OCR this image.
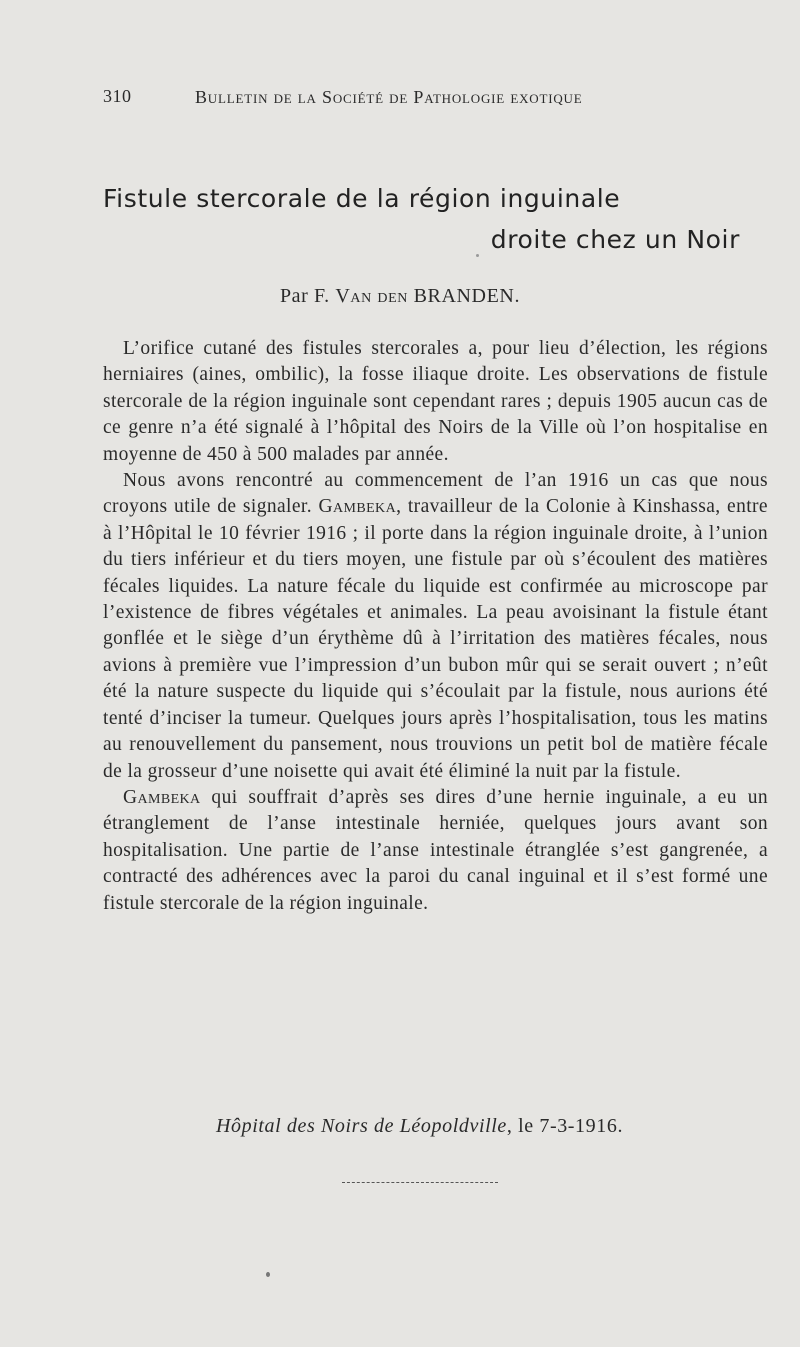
310	Bulletin de la Société de Pathologie exotique
Fistule stercorale de la région inguinale
droite chez un Noir
Par F. Van den BRANDEN.

L’orifice cutané des fistules stercorales a, pour lieu d’élection, les régions herniaires (aines, ombilic), la fosse iliaque droite. Les observations de fistule stercorale de la région inguinale sont cependant rares ; depuis 1905 aucun cas de ce genre n’a été signalé à l’hôpital des Noirs de la Ville où l’on hospitalise en moyenne de 450 à 500 malades par année.

Nous avons rencontré au commencement de l’an 1916 un cas que nous croyons utile de signaler. Gambeka, travailleur de la Colonie à Kinshassa, entre à l’Hôpital le 10 février 1916 ; il porte dans la région inguinale droite, à l’union du tiers inférieur et du tiers moyen, une fistule par où s’écoulent des matières fécales liquides. La nature fécale du liquide est confirmée au microscope par l’existence de fibres végétales et animales. La peau avoisinant la fistule étant gonflée et le siège d’un érythème dû à l’irritation des matières fécales, nous avions à première vue l’impression d’un bubon mûr qui se serait ouvert ; n’eût été la nature suspecte du liquide qui s’écoulait par la fistule, nous aurions été tenté d’inciser la tumeur. Quelques jours après l’hospitalisation, tous les matins au renouvellement du pansement, nous trouvions un petit bol de matière fécale de la grosseur d’une noisette qui avait été éliminé la nuit par la fistule.

Gambeka qui souffrait d’après ses dires d’une hernie inguinale, a eu un étranglement de l’anse intestinale herniée, quelques jours avant son hospitalisation. Une partie de l’anse intestinale étranglée s’est gangrenée, a contracté des adhérences avec la paroi du canal inguinal et il s’est formé une fistule stercorale de la région inguinale.

Hôpital des Noirs de Léopoldville, le 7-3-1916.
